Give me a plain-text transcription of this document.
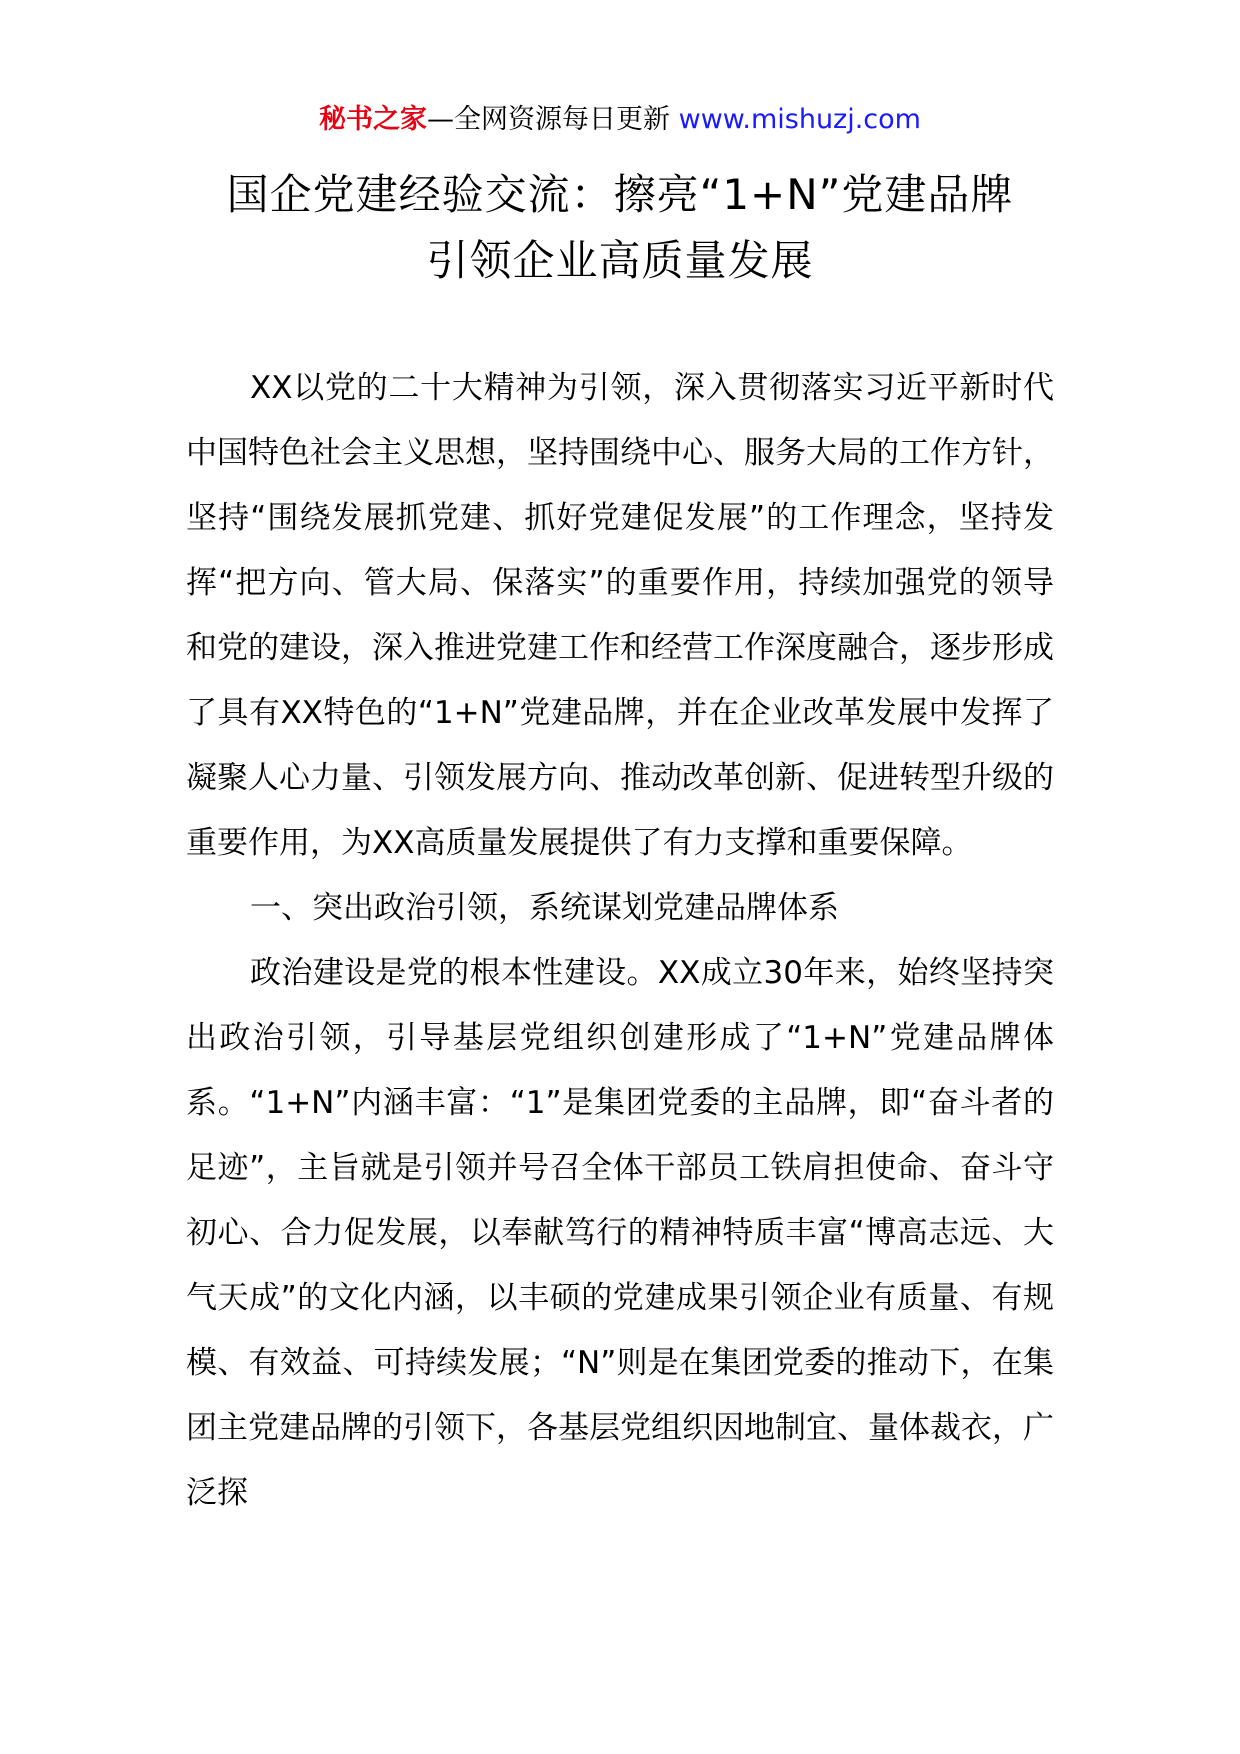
秘书之家—全网资源每日更新 www.mishuzj.com
国企党建经验交流：擦亮“1+N”党建品牌
引领企业高质量发展

XX以党的二十大精神为引领，深入贯彻落实习近平新时代中国特色社会主义思想，坚持围绕中心、服务大局的工作方针，坚持“围绕发展抓党建、抓好党建促发展”的工作理念，坚持发挥“把方向、管大局、保落实”的重要作用，持续加强党的领导和党的建设，深入推进党建工作和经营工作深度融合，逐步形成了具有XX特色的“1+N”党建品牌，并在企业改革发展中发挥了凝聚人心力量、引领发展方向、推动改革创新、促进转型升级的重要作用，为XX高质量发展提供了有力支撑和重要保障。

一、突出政治引领，系统谋划党建品牌体系

政治建设是党的根本性建设。XX成立30年来，始终坚持突出政治引领，引导基层党组织创建形成了“1+N”党建品牌体系。“1+N”内涵丰富：“1”是集团党委的主品牌，即“奋斗者的足迹”，主旨就是引领并号召全体干部员工铁肩担使命、奋斗守初心、合力促发展，以奉献笃行的精神特质丰富“博高志远、大气天成”的文化内涵，以丰硕的党建成果引领企业有质量、有规模、有效益、可持续发展；“N”则是在集团党委的推动下，在集团主党建品牌的引领下，各基层党组织因地制宜、量体裁衣，广泛探
